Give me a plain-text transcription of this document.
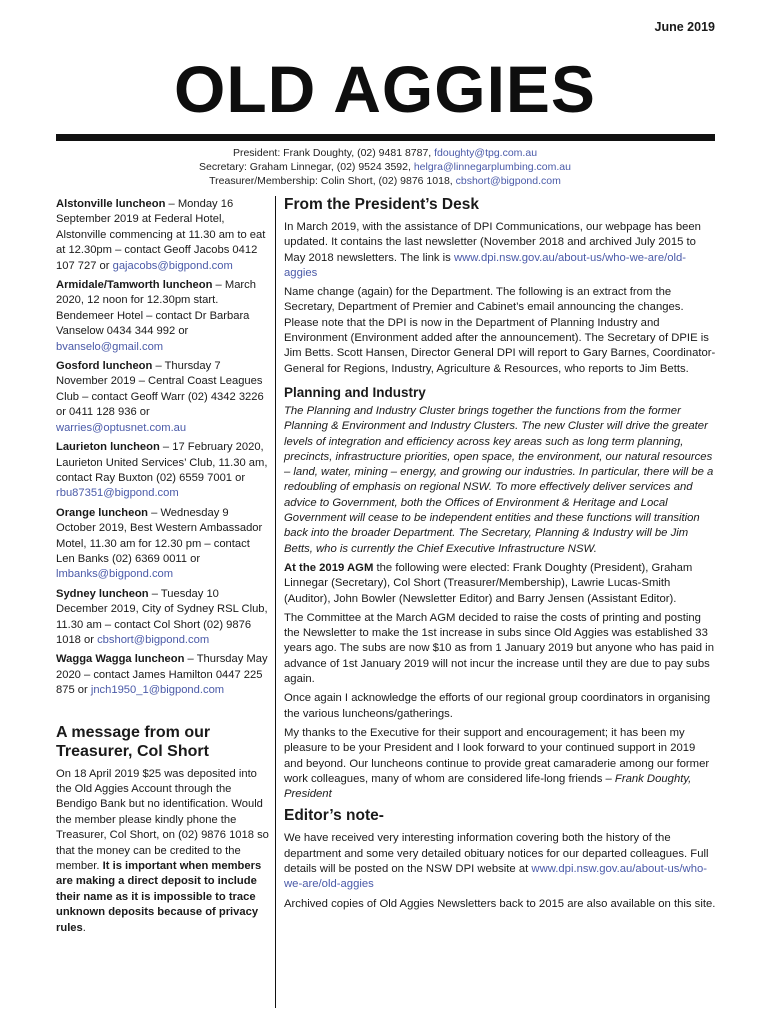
June 2019
OLD AGGIES
President: Frank Doughty, (02) 9481 8787, fdoughty@tpg.com.au
Secretary: Graham Linnegar, (02) 9524 3592, helgra@linnegarplumbing.com.au
Treasurer/Membership: Colin Short, (02) 9876 1018, cbshort@bigpond.com
Alstonville luncheon – Monday 16 September 2019 at Federal Hotel, Alstonville commencing at 11.30 am to eat at 12.30pm – contact Geoff Jacobs 0412 107 727 or gajacobs@bigpond.com
Armidale/Tamworth luncheon – March 2020, 12 noon for 12.30pm start. Bendemeer Hotel – contact Dr Barbara Vanselow 0434 344 992 or bvanselo@gmail.com
Gosford luncheon – Thursday 7 November 2019 – Central Coast Leagues Club – contact Geoff Warr (02) 4342 3226 or 0411 128 936 or warries@optusnet.com.au
Laurieton luncheon – 17 February 2020, Laurieton United Services’ Club, 11.30 am, contact Ray Buxton (02) 6559 7001 or rbu87351@bigpond.com
Orange luncheon – Wednesday 9 October 2019, Best Western Ambassador Motel, 11.30 am for 12.30 pm – contact Len Banks (02) 6369 0011 or lmbanks@bigpond.com
Sydney luncheon – Tuesday 10 December 2019, City of Sydney RSL Club, 11.30 am – contact Col Short (02) 9876 1018 or cbshort@bigpond.com
Wagga Wagga luncheon – Thursday May 2020 – contact James Hamilton 0447 225 875 or jnch1950_1@bigpond.com
A message from our Treasurer, Col Short
On 18 April 2019 $25 was deposited into the Old Aggies Account through the Bendigo Bank but no identification. Would the member please kindly phone the Treasurer, Col Short, on (02) 9876 1018 so that the money can be credited to the member. It is important when members are making a direct deposit to include their name as it is impossible to trace unknown deposits because of privacy rules.
From the President’s Desk

In March 2019, with the assistance of DPI Communications, our webpage has been updated. It contains the last newsletter (November 2018 and archived July 2015 to May 2018 newsletters. The link is www.dpi.nsw.gov.au/about-us/who-we-are/old-aggies

Name change (again) for the Department. The following is an extract from the Secretary, Department of Premier and Cabinet’s email announcing the changes. Please note that the DPI is now in the Department of Planning Industry and Environment (Environment added after the announcement). The Secretary of DPIE is Jim Betts. Scott Hansen, Director General DPI will report to Gary Barnes, Coordinator-General for Regions, Industry, Agriculture & Resources, who reports to Jim Betts.

Planning and Industry

The Planning and Industry Cluster brings together the functions from the former Planning & Environment and Industry Clusters. The new Cluster will drive the greater levels of integration and efficiency across key areas such as long term planning, precincts, infrastructure priorities, open space, the environment, our natural resources – land, water, mining – energy, and growing our industries. In particular, there will be a redoubling of emphasis on regional NSW. To more effectively deliver services and advice to Government, both the Offices of Environment & Heritage and Local Government will cease to be independent entities and these functions will transition back into the broader Department. The Secretary, Planning & Industry will be Jim Betts, who is currently the Chief Executive Infrastructure NSW.

At the 2019 AGM the following were elected: Frank Doughty (President), Graham Linnegar (Secretary), Col Short (Treasurer/Membership), Lawrie Lucas-Smith (Auditor), John Bowler (Newsletter Editor) and Barry Jensen (Assistant Editor).

The Committee at the March AGM decided to raise the costs of printing and posting the Newsletter to make the 1st increase in subs since Old Aggies was established 33 years ago. The subs are now $10 as from 1 January 2019 but anyone who has paid in advance of 1st January 2019 will not incur the increase until they are due to pay subs again.

Once again I acknowledge the efforts of our regional group coordinators in organising the various luncheons/gatherings.

My thanks to the Executive for their support and encouragement; it has been my pleasure to be your President and I look forward to your continued support in 2019 and beyond. Our luncheons continue to provide great camaraderie among our former work colleagues, many of whom are considered life-long friends – Frank Doughty, President

Editor’s note-

We have received very interesting information covering both the history of the department and some very detailed obituary notices for our departed colleagues. Full details will be posted on the NSW DPI website at www.dpi.nsw.gov.au/about-us/who-we-are/old-aggies

Archived copies of Old Aggies Newsletters back to 2015 are also available on this site.
